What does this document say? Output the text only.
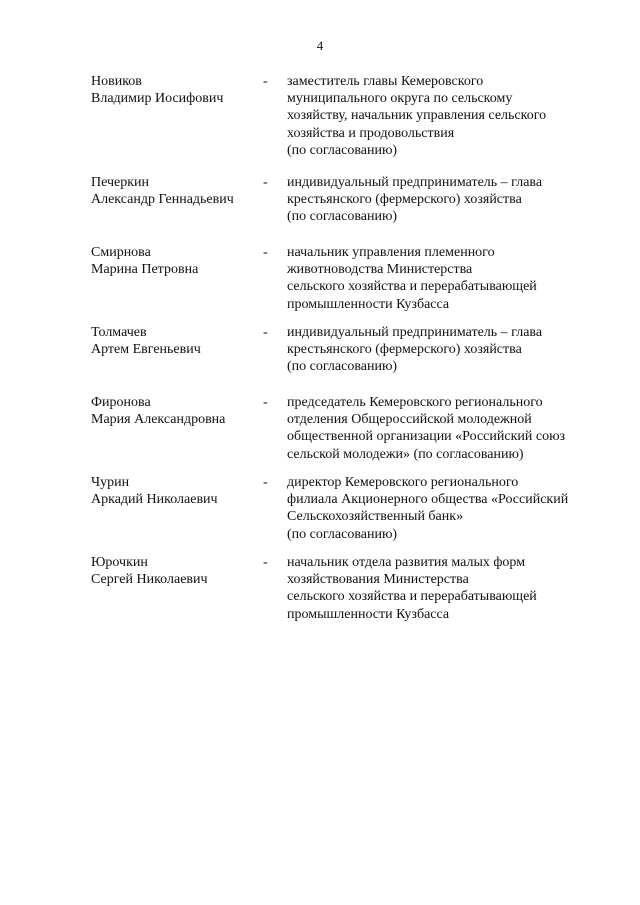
4
Новиков
Владимир Иосифович
- заместитель главы Кемеровского
муниципального округа по сельскому
хозяйству, начальник управления сельского
хозяйства и продовольствия
(по согласованию)
Печеркин
Александр Геннадьевич
- индивидуальный предприниматель – глава
крестьянского (фермерского) хозяйства
(по согласованию)
Смирнова
Марина Петровна
- начальник управления племенного
животноводства Министерства
сельского хозяйства и перерабатывающей
промышленности Кузбасса
Толмачев
Артем Евгеньевич
- индивидуальный предприниматель – глава
крестьянского (фермерского) хозяйства
(по согласованию)
Фиронова
Мария Александровна
- председатель Кемеровского регионального
отделения Общероссийской молодежной
общественной организации «Российский союз
сельской молодежи» (по согласованию)
Чурин
Аркадий Николаевич
- директор Кемеровского регионального
филиала Акционерного общества «Российский
Сельскохозяйственный банк»
(по согласованию)
Юрочкин
Сергей Николаевич
- начальник отдела развития малых форм
хозяйствования Министерства
сельского хозяйства и перерабатывающей
промышленности Кузбасса
